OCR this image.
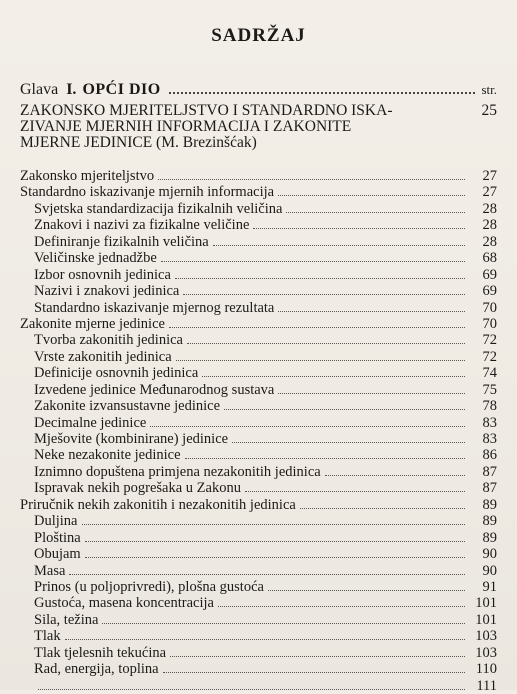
SADRŽAJ
Glava I. OPĆI DIO	str.
ZAKONSKO MJERITELJSTVO I STANDARDNO ISKA-	25
ZIVANJE MJERNIH INFORMACIJA I ZAKONITE
MJERNE JEDINICE (M. Brezinšćak)
Zakonsko mjeriteljstvo	27
Standardno iskazivanje mjernih informacija	27
Svjetska standardizacija fizikalnih veličina	28
Znakovi i nazivi za fizikalne veličine	28
Definiranje fizikalnih veličina	28
Veličinske jednadžbe	68
Izbor osnovnih jedinica	69
Nazivi i znakovi jedinica	69
Standardno iskazivanje mjernog rezultata	70
Zakonite mjerne jedinice	70
Tvorba zakonitih jedinica	72
Vrste zakonitih jedinica	72
Definicije osnovnih jedinica	74
Izvedene jedinice Međunarodnog sustava	75
Zakonite izvansustavne jedinice	78
Decimalne jedinice	83
Mješovite (kombinirane) jedinice	83
Neke nezakonite jedinice	86
Iznimno dopuštena primjena nezakonitih jedinica	87
Ispravak nekih pogrešaka u Zakonu	87
Priručnik nekih zakonitih i nezakonitih jedinica	89
Duljina	89
Ploština	89
Obujam	90
Masa	90
Prinos (u poljoprivredi), plošna gustoća	91
Gustoća, masena koncentracija	101
Sila, težina	101
Tlak	103
Tlak tjelesnih tekućina	103
Rad, energija, toplina	110
111
